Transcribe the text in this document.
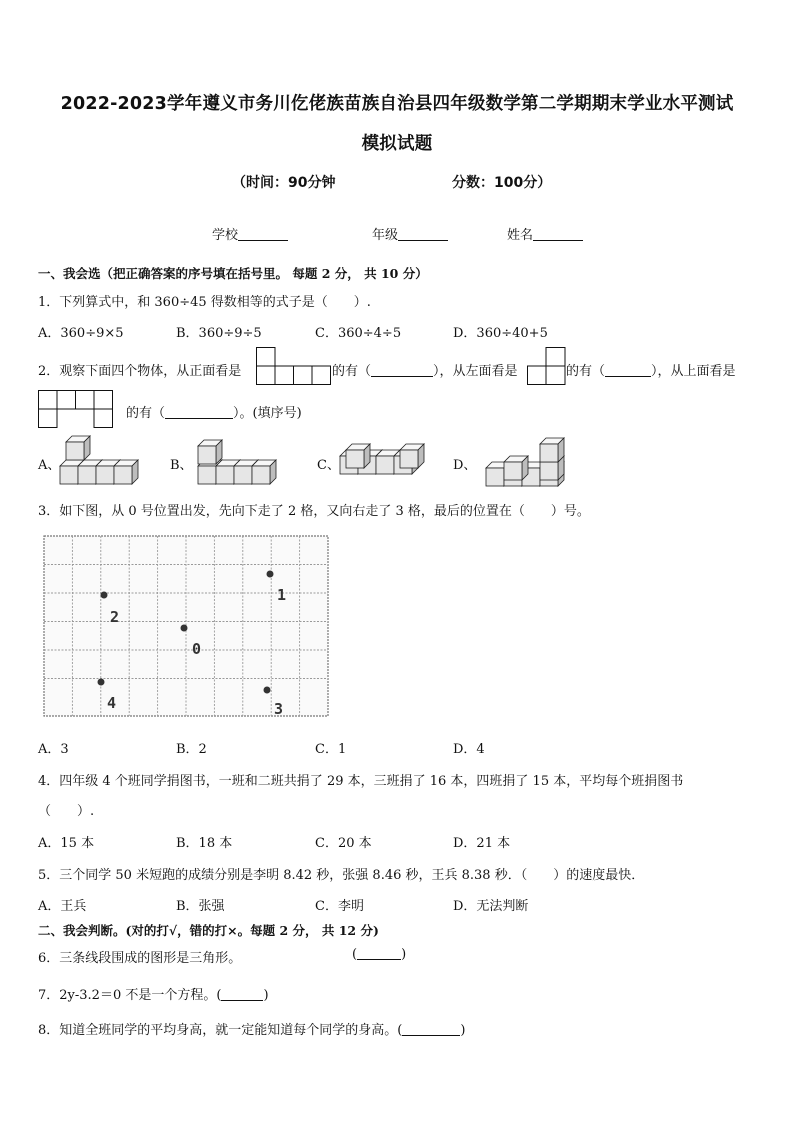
2022-2023学年遵义市务川仡佬族苗族自治县四年级数学第二学期期末学业水平测试
模拟试题
（时间：90分钟	分数：100分）
学校	年级	姓名
一、我会选（把正确答案的序号填在括号里。 每题 2 分， 共 10 分）
1．下列算式中，和 360÷45 得数相等的式子是（　　）.
A．360÷9×5	B．360÷9÷5	C．360÷4÷5	D．360÷40+5
2．观察下面四个物体，从正面看是	的有（	），从左面看是	的有（	），从上面看是
的有（	）。(填序号)
A、	B、	C、	D、
3．如下图，从 0 号位置出发，先向下走了 2 格，又向右走了 3 格，最后的位置在（　　）号。
1
2
0
4	3
A．3	B．2	C．1	D．4
4．四年级 4 个班同学捐图书，一班和二班共捐了 29 本，三班捐了 16 本，四班捐了 15 本，平均每个班捐图书
（　　）.
A．15 本	B．18 本	C．20 本	D．21 本
5．三个同学 50 米短跑的成绩分别是李明 8.42 秒，张强 8.46 秒，王兵 8.38 秒．（　　）的速度最快．
A．王兵	B．张强	C．李明	D．无法判断
二、我会判断。(对的打√，错的打×。每题 2 分， 共 12 分)
6．三条线段围成的图形是三角形。	(	)
7．2y-3.2＝0 不是一个方程。(	)
8．知道全班同学的平均身高，就一定能知道每个同学的身高。(	)
